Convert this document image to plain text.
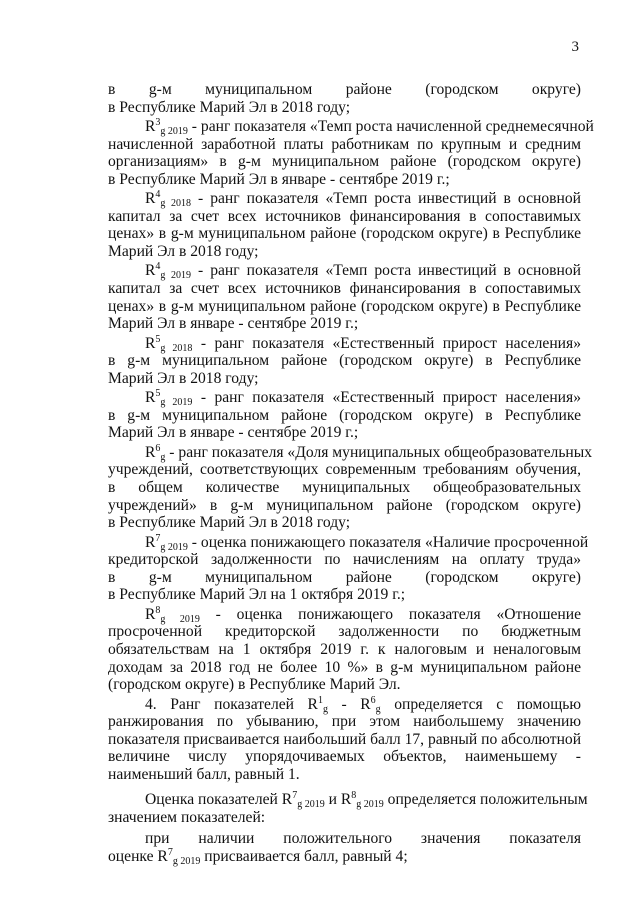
3
в g-м муниципальном районе (городском округе)
в Республике Марий Эл в 2018 году;
$R^3_{g 2019}$ - ранг показателя «Темп роста начисленной среднемесячной
начисленной заработной платы работникам по крупным и средним
организациям» в g-м муниципальном районе (городском округе)
в Республике Марий Эл в январе - сентябре 2019 г.;
$R^4_{g 2018}$ - ранг показателя «Темп роста инвестиций в основной
капитал за счет всех источников финансирования в сопоставимых
ценах» в g-м муниципальном районе (городском округе) в Республике
Марий Эл в 2018 году;
$R^4_{g 2019}$ - ранг показателя «Темп роста инвестиций в основной
капитал за счет всех источников финансирования в сопоставимых
ценах» в g-м муниципальном районе (городском округе) в Республике
Марий Эл в январе - сентябре 2019 г.;
$R^5_{g 2018}$ - ранг показателя «Естественный прирост населения»
в g-м муниципальном районе (городском округе) в Республике
Марий Эл в 2018 году;
$R^5_{g 2019}$ - ранг показателя «Естественный прирост населения»
в g-м муниципальном районе (городском округе) в Республике
Марий Эл в январе - сентябре 2019 г.;
$R^6_g$ - ранг показателя «Доля муниципальных общеобразовательных
учреждений, соответствующих современным требованиям обучения,
в общем количестве муниципальных общеобразовательных
учреждений» в g-м муниципальном районе (городском округе)
в Республике Марий Эл в 2018 году;
$R^7_{g 2019}$ - оценка понижающего показателя «Наличие просроченной
кредиторской задолженности по начислениям на оплату труда»
в g-м муниципальном районе (городском округе)
в Республике Марий Эл на 1 октября 2019 г.;
$R^8_{g 2019}$ - оценка понижающего показателя «Отношение
просроченной кредиторской задолженности по бюджетным
обязательствам на 1 октября 2019 г. к налоговым и неналоговым
доходам за 2018 год не более 10 %» в g-м муниципальном районе
(городском округе) в Республике Марий Эл.
4. Ранг показателей $R^1_g - R^6_g$ определяется с помощью
ранжирования по убыванию, при этом наибольшему значению
показателя присваивается наибольший балл 17, равный по абсолютной
величине числу упорядочиваемых объектов, наименьшему -
наименьший балл, равный 1.
Оценка показателей $R^7_{g 2019}$ и $R^8_{g 2019}$ определяется положительным
значением показателей:
при наличии положительного значения показателя
оценке $R^7_{g 2019}$ присваивается балл, равный 4;
